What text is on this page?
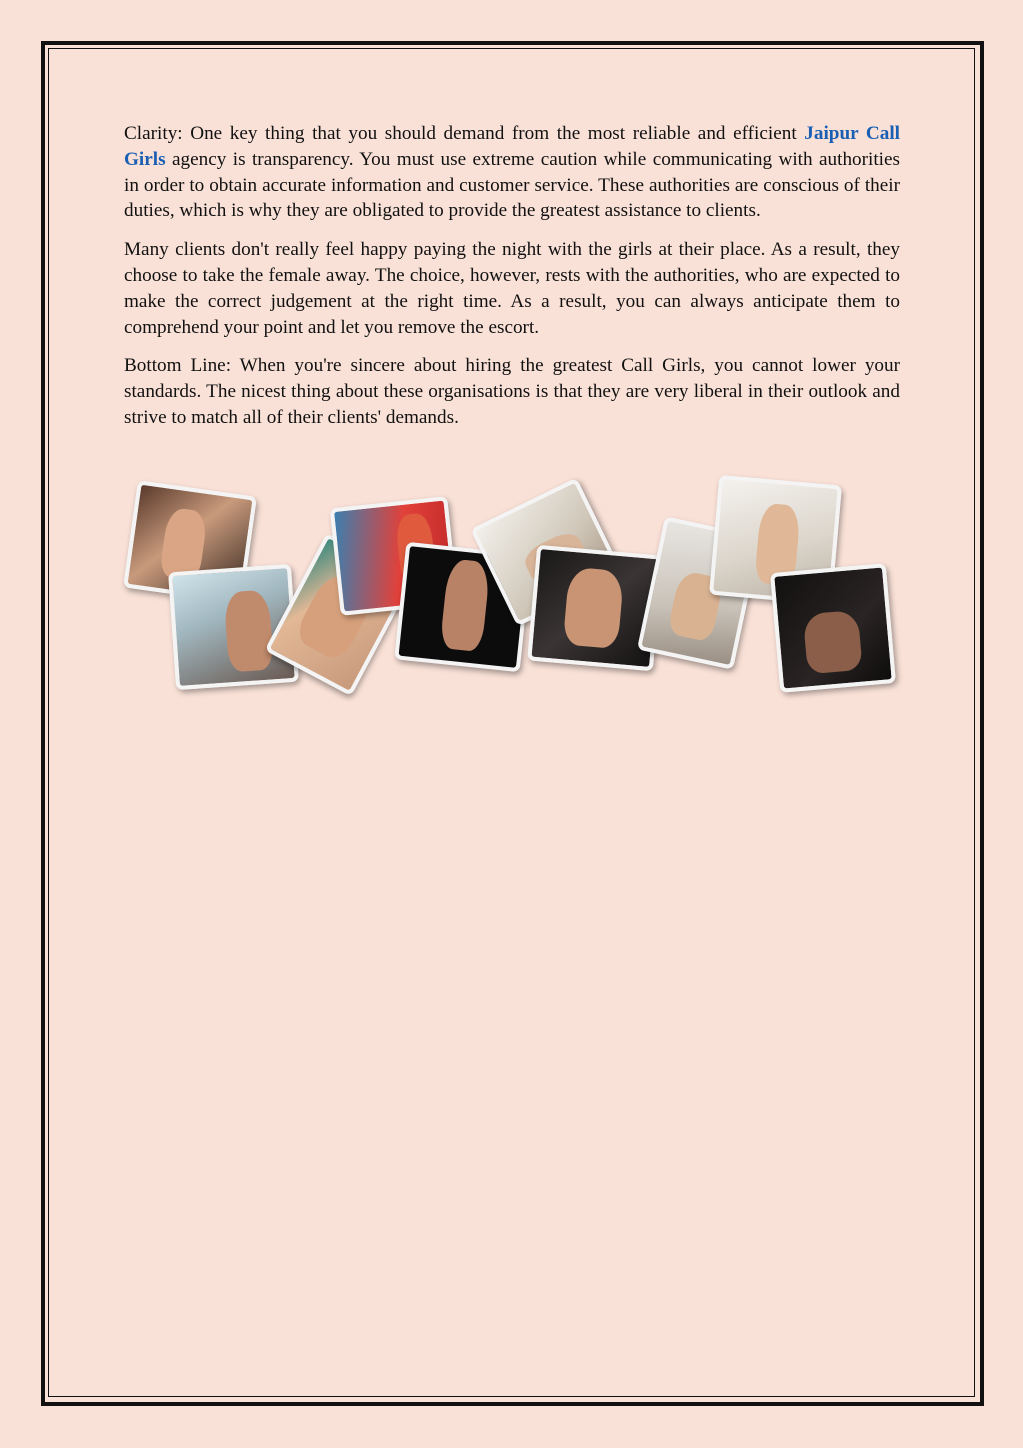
Clarity: One key thing that you should demand from the most reliable and efficient Jaipur Call Girls agency is transparency. You must use extreme caution while communicating with authorities in order to obtain accurate information and customer service. These authorities are conscious of their duties, which is why they are obligated to provide the greatest assistance to clients.

Many clients don't really feel happy paying the night with the girls at their place. As a result, they choose to take the female away. The choice, however, rests with the authorities, who are expected to make the correct judgement at the right time. As a result, you can always anticipate them to comprehend your point and let you remove the escort.

Bottom Line: When you're sincere about hiring the greatest Call Girls, you cannot lower your standards. The nicest thing about these organisations is that they are very liberal in their outlook and strive to match all of their clients' demands.
